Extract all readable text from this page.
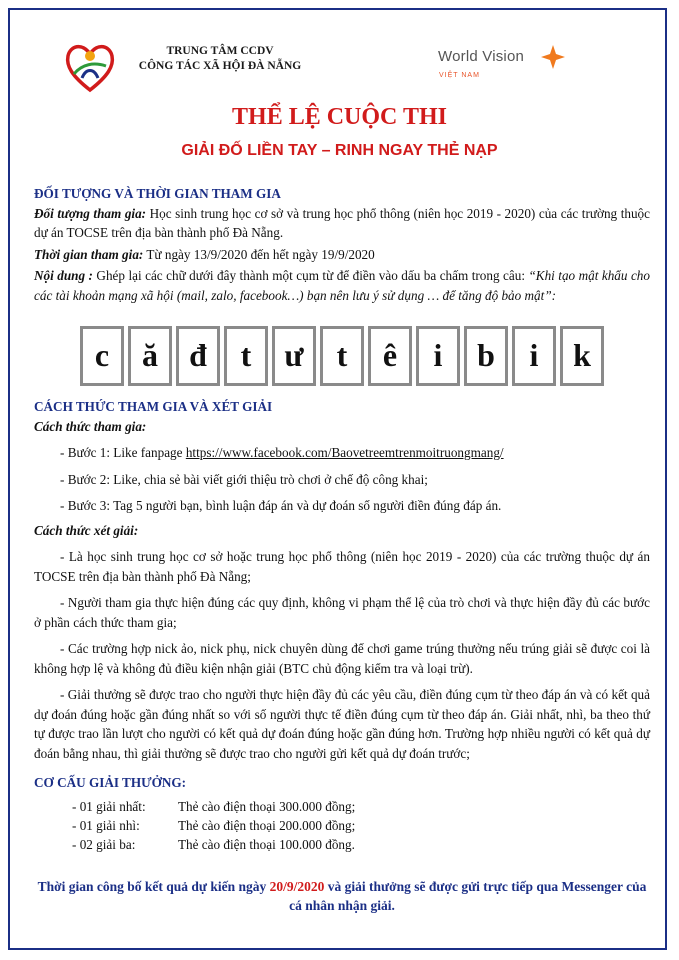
TRUNG TÂM CCDV
CÔNG TÁC XÃ HỘI ĐÀ NẴNG
World Vision
VIỆT NAM
THỂ LỆ CUỘC THI
GIẢI ĐỐ LIỀN TAY – RINH NGAY THẺ NẠP

ĐỐI TƯỢNG VÀ THỜI GIAN THAM GIA

Đối tượng tham gia: Học sinh trung học cơ sở và trung học phổ thông (niên học 2019 - 2020) của các trường thuộc dự án TOCSE trên địa bàn thành phố Đà Nẵng.

Thời gian tham gia: Từ ngày 13/9/2020 đến hết ngày 19/9/2020

Nội dung : Ghép lại các chữ dưới đây thành một cụm từ để điền vào dấu ba chấm trong câu: “Khi tạo mật khẩu cho các tài khoản mạng xã hội (mail, zalo, facebook…) bạn nên lưu ý sử dụng … để tăng độ bảo mật”:

c	ă đ	t	ư	t	ê	i	b	i	k

CÁCH THỨC THAM GIA VÀ XÉT GIẢI

Cách thức tham gia:

- Bước 1: Like fanpage https://www.facebook.com/Baovetreemtrenmoitruongmang/

- Bước 2: Like, chia sẻ bài viết giới thiệu trò chơi ở chế độ công khai;

- Bước 3: Tag 5 người bạn, bình luận đáp án và dự đoán số người điền đúng đáp án.

Cách thức xét giải:

- Là học sinh trung học cơ sở hoặc trung học phổ thông (niên học 2019 - 2020) của các trường thuộc dự án TOCSE trên địa bàn thành phố Đà Nẵng;

- Người tham gia thực hiện đúng các quy định, không vi phạm thể lệ của trò chơi và thực hiện đầy đủ các bước ở phần cách thức tham gia;

- Các trường hợp nick ảo, nick phụ, nick chuyên dùng để chơi game trúng thưởng nếu trúng giải sẽ được coi là không hợp lệ và không đủ điều kiện nhận giải (BTC chủ động kiểm tra và loại trừ).

- Giải thưởng sẽ được trao cho người thực hiện đầy đủ các yêu cầu, điền đúng cụm từ theo đáp án và có kết quả dự đoán đúng hoặc gần đúng nhất so với số người thực tế điền đúng cụm từ theo đáp án. Giải nhất, nhì, ba theo thứ tự được trao lần lượt cho người có kết quả dự đoán đúng hoặc gần đúng hơn. Trường hợp nhiều người có kết quả dự đoán bằng nhau, thì giải thưởng sẽ được trao cho người gửi kết quả dự đoán trước;

CƠ CẤU GIẢI THƯỞNG:

- 01 giải nhất: Thẻ cào điện thoại 300.000 đồng;

- 01 giải nhì:	Thẻ cào điện thoại 200.000 đồng;

- 02 giải ba:	Thẻ cào điện thoại 100.000 đồng.

Thời gian công bố kết quả dự kiến ngày 20/9/2020 và giải thưởng sẽ được gửi trực tiếp qua Messenger của cá nhân nhận giải.
